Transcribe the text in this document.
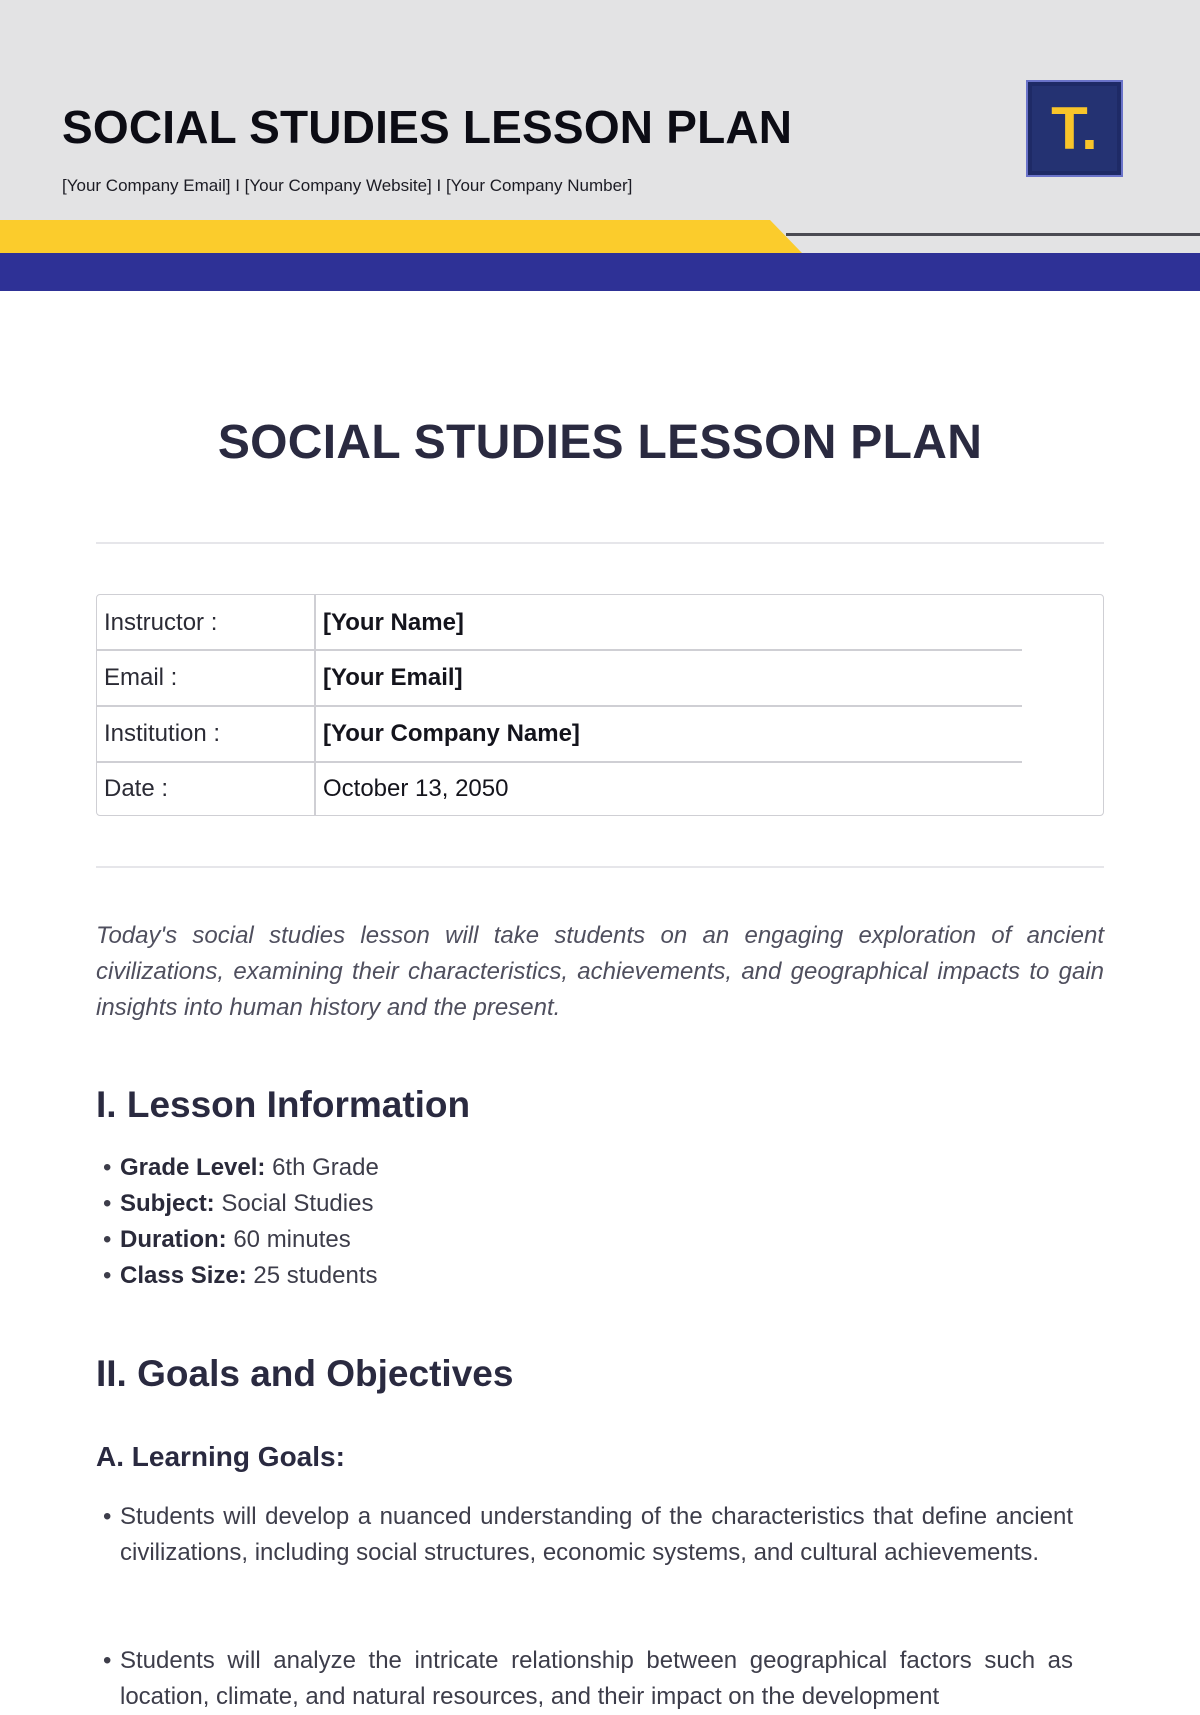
SOCIAL STUDIES LESSON PLAN
[Your Company Email] I [Your Company Website] I [Your Company Number]
T.
SOCIAL STUDIES LESSON PLAN
Instructor :	[Your Name]
Email :	[Your Email]
Institution :	[Your Company Name]
Date :	October 13, 2050
Today's social studies lesson will take students on an engaging exploration of ancient civilizations, examining their characteristics, achievements, and geographical impacts to gain insights into human history and the present.
I. Lesson Information
• Grade Level: 6th Grade
• Subject: Social Studies
• Duration: 60 minutes
• Class Size: 25 students
II. Goals and Objectives
A. Learning Goals:
• Students will develop a nuanced understanding of the characteristics that define ancient civilizations, including social structures, economic systems, and cultural achievements.
• Students will analyze the intricate relationship between geographical factors such as location, climate, and natural resources, and their impact on the development
